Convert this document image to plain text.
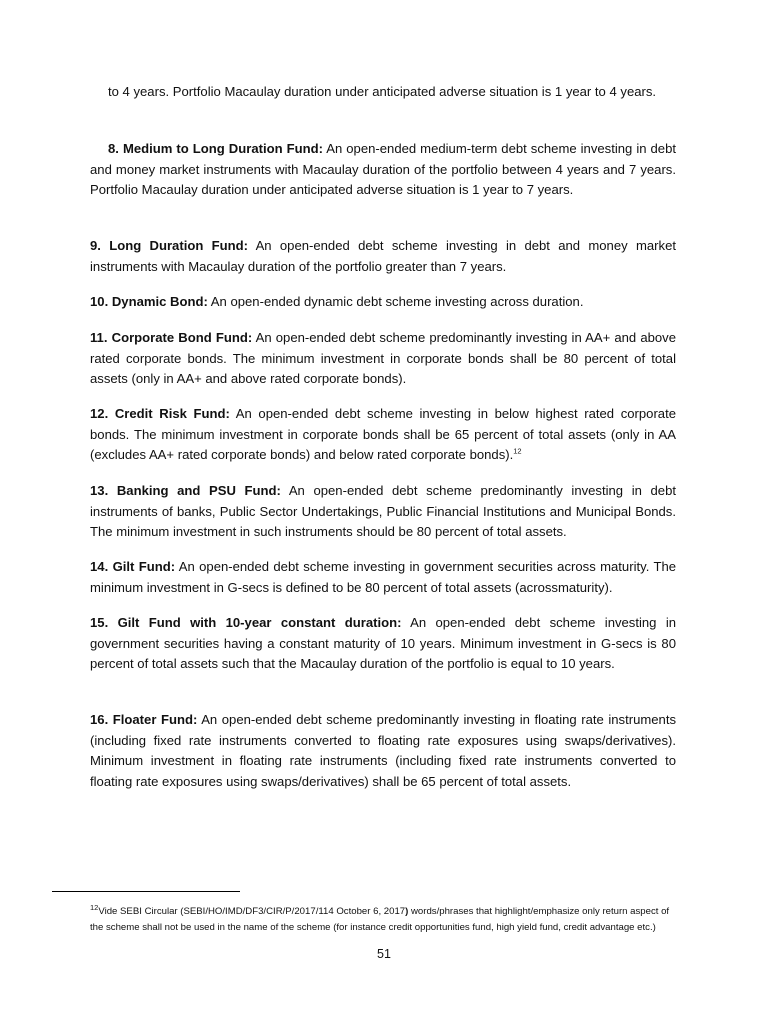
to 4 years. Portfolio Macaulay duration under anticipated adverse situation is 1 year to 4 years.

8. Medium to Long Duration Fund: An open-ended medium-term debt scheme investing in debt and money market instruments with Macaulay duration of the portfolio between 4 years and 7 years. Portfolio Macaulay duration under anticipated adverse situation is 1 year to 7 years.

9. Long Duration Fund: An open-ended debt scheme investing in debt and money market instruments with Macaulay duration of the portfolio greater than 7 years.

10. Dynamic Bond: An open-ended dynamic debt scheme investing across duration.

11. Corporate Bond Fund: An open-ended debt scheme predominantly investing in AA+ and above rated corporate bonds. The minimum investment in corporate bonds shall be 80 percent of total assets (only in AA+ and above rated corporate bonds).

12. Credit Risk Fund: An open-ended debt scheme investing in below highest rated corporate bonds. The minimum investment in corporate bonds shall be 65 percent of total assets (only in AA (excludes AA+ rated corporate bonds) and below rated corporate bonds).$^{12}$

13. Banking and PSU Fund: An open-ended debt scheme predominantly investing in debt instruments of banks, Public Sector Undertakings, Public Financial Institutions and Municipal Bonds. The minimum investment in such instruments should be 80 percent of total assets.

14. Gilt Fund: An open-ended debt scheme investing in government securities across maturity. The minimum investment in G-secs is defined to be 80 percent of total assets (acrossmaturity).

15. Gilt Fund with 10-year constant duration: An open-ended debt scheme investing in government securities having a constant maturity of 10 years. Minimum investment in G-secs is 80 percent of total assets such that the Macaulay duration of the portfolio is equal to 10 years.

16. Floater Fund: An open-ended debt scheme predominantly investing in floating rate instruments (including fixed rate instruments converted to floating rate exposures using swaps/derivatives). Minimum investment in floating rate instruments (including fixed rate instruments converted to floating rate exposures using swaps/derivatives) shall be 65 percent of total assets.

$^{12}$Vide SEBI Circular (SEBI/HO/IMD/DF3/CIR/P/2017/114 October 6, 2017) words/phrases that highlight/emphasize only return aspect of the scheme shall not be used in the name of the scheme (for instance credit opportunities fund, high yield fund, credit advantage etc.)

51
